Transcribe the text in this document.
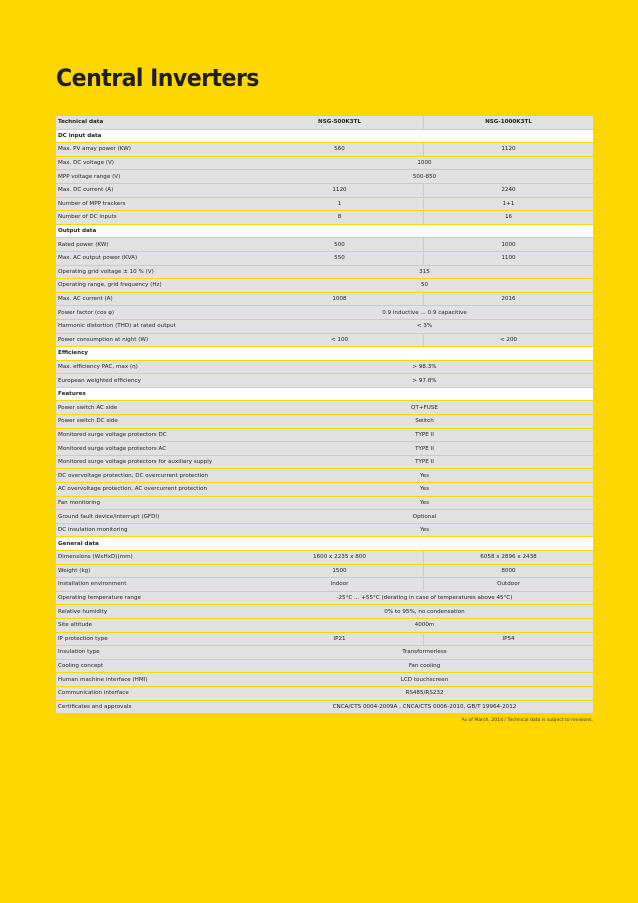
Central Inverters
Technical data	NSG-500K3TL	NSG-1000K3TL
DC input data		
Max. PV array power (KW)	560	1120
Max. DC voltage (V)	1000	
MPP voltage range (V)	500-850	
Max. DC current (A)	1120	2240
Number of MPP trackers	1	1+1
Number of DC inputs	8	16
Output data		
Rated power (KW)	500	1000
Max. AC output power (KVA)	550	1100
Operating grid voltage ± 10 % (V)	315	
Operating range, grid frequency (Hz)	50	
Max. AC current (A)	1008	2016
Power factor (cos φ)	0.9 inductive ... 0.9 capacitive	
Harmonic distortion (THD) at rated output	< 3%	
Power consumption at night (W)	< 100	< 200
Efficiency		
Max. efficiency PAC, max (η)	> 98.3%	
European weighted efficiency	> 97.8%	
Features		
Power switch AC side	QT+FUSE	
Power switch DC side	Switch	
Monitored surge voltage protectors DC	TYPE II	
Monitored surge voltage protectors AC	TYPE II	
Monitored surge voltage protectors for auxiliary supply	TYPE II	
DC overvoltage protection, DC overcurrent protection	Yes	
AC overvoltage protection, AC overcurrent protection	Yes	
Fan monitoring	Yes	
Ground fault device/interrupt (GFDI)	Optional	
DC insulation monitoring	Yes	
General data		
Dimensions (WxHxD)(mm)	1600 x 2235 x 800	6058 x 2896 x 2438
Weight (kg)	1500	8000
Installation environment	Indoor	Outdoor
Operating temperature range	-25°C ... +55°C (derating in case of temperatures above 45°C)	
Relative humidity	0% to 95%, no condensation	
Site altitude	4000m	
IP protection type	IP21	IP54
Insulation type	Transformerless	
Cooling concept	Fan cooling	
Human machine interface (HMI)	LCD touchscreen	
Communication interface	RS485/RS232	
Certificates and approvals	CNCA/CTS 0004-2009A , CNCA/CTS 0006-2010, GB/T 19964-2012	
As of March, 2014 / Technical data is subject to revisions.
